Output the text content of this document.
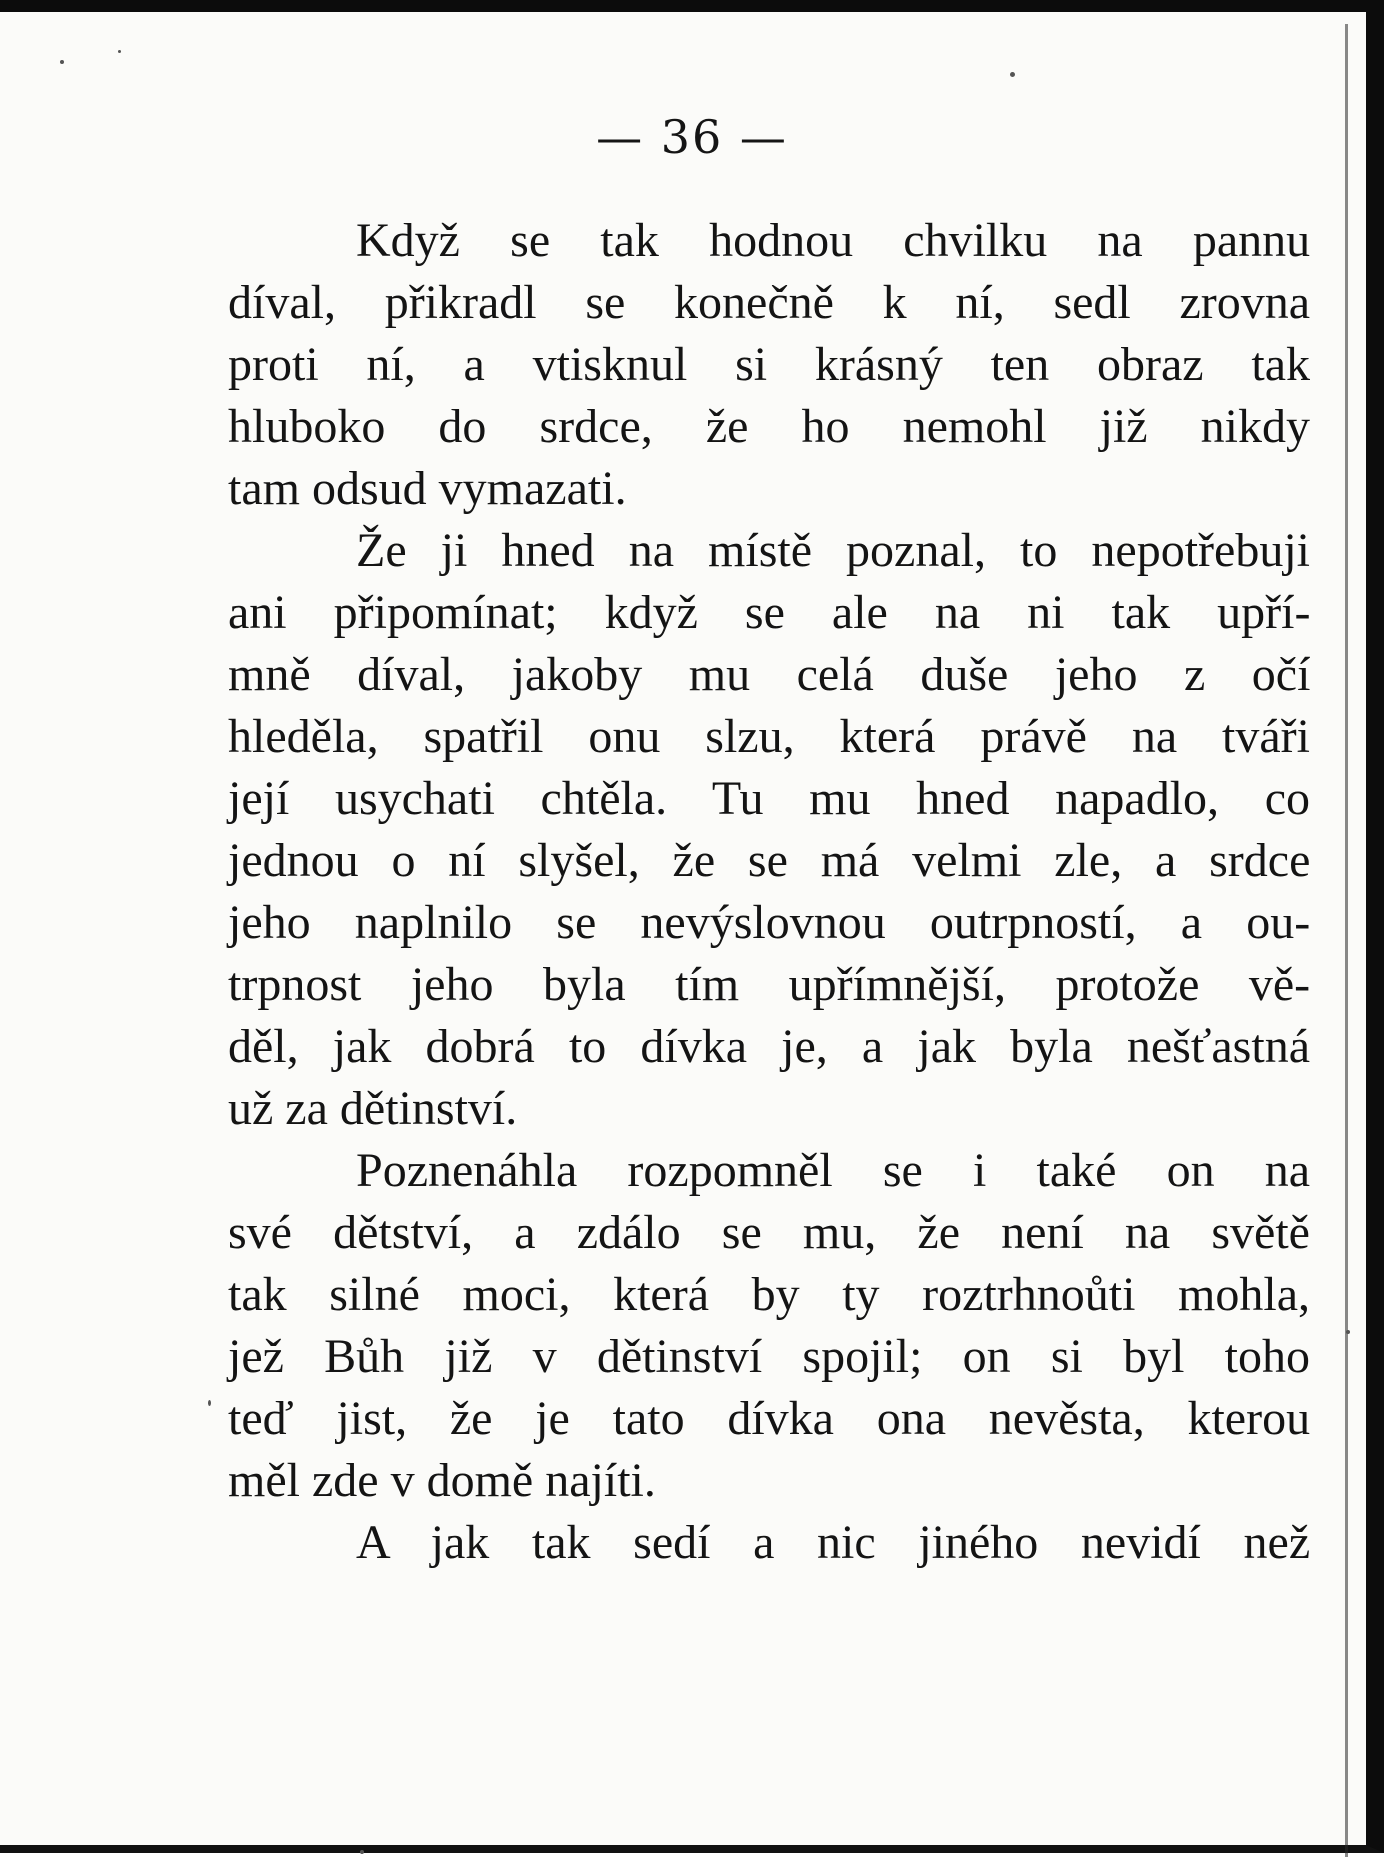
— 36 —
Když se tak hodnou chvilku na pannu
díval, přikradl se konečně k ní, sedl zrovna
proti ní, a vtisknul si krásný ten obraz tak
hluboko do srdce, že ho nemohl již nikdy
tam odsud vymazati.
Že ji hned na místě poznal, to nepotřebuji
ani připomínat; když se ale na ni tak upří-
mně díval, jakoby mu celá duše jeho z očí
hleděla, spatřil onu slzu, která právě na tváři
její usychati chtěla. Tu mu hned napadlo, co
jednou o ní slyšel, že se má velmi zle, a srdce
jeho naplnilo se nevýslovnou outrpností, a ou-
trpnost jeho byla tím upřímnější, protože vě-
děl, jak dobrá to dívka je, a jak byla nešťastná
už za dětinství.
Poznenáhla rozpomněl se i také on na
své dětství, a zdálo se mu, že není na světě
tak silné moci, která by ty roztrhnoůti mohla,
jež Bůh již v dětinství spojil; on si byl toho
teď jist, že je tato dívka ona nevěsta, kterou
měl zde v domě najíti.
A jak tak sedí a nic jiného nevidí než
